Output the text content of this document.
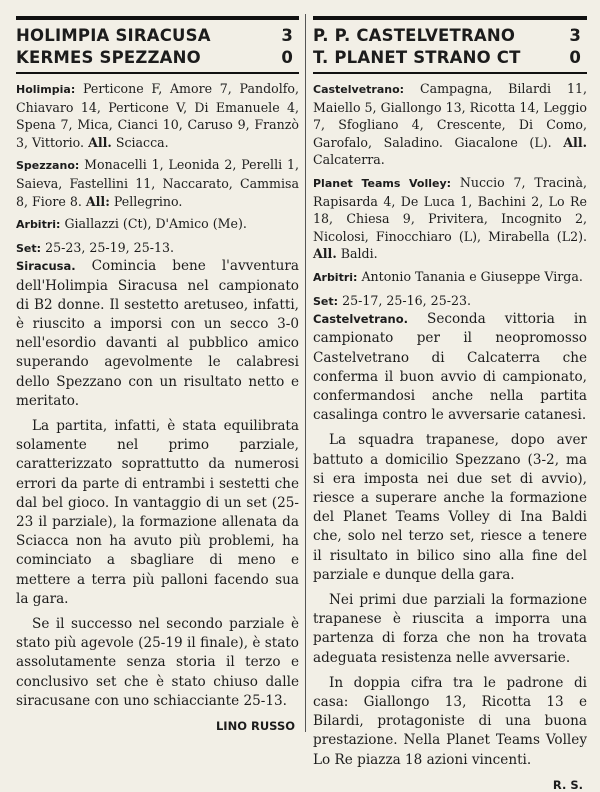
HOLIMPIA SIRACUSA	3
KERMES SPEZZANO	0

Holimpia: Perticone F, Amore 7, Pandolfo, Chiavaro 14, Perticone V, Di Emanuele 4, Spena 7, Mica, Cianci 10, Caruso 9, Franzò 3, Vittorio. All. Sciacca.

Spezzano: Monacelli 1, Leonida 2, Perelli 1, Saieva, Fastellini 11, Naccarato, Cammisa 8, Fiore 8. All: Pellegrino.

Arbitri: Giallazzi (Ct), D'Amico (Me).

Set: 25-23, 25-19, 25-13.

Siracusa. Comincia bene l'avventura dell'Holimpia Siracusa nel campionato di B2 donne. Il sestetto aretuseo, infatti, è riuscito a imporsi con un secco 3-0 nell'esordio davanti al pubblico amico superando agevolmente le calabresi dello Spezzano con un risultato netto e meritato.

La partita, infatti, è stata equilibrata solamente nel primo parziale, caratterizzato soprattutto da numerosi errori da parte di entrambi i sestetti che dal bel gioco. In vantaggio di un set (25-23 il parziale), la formazione allenata da Sciacca non ha avuto più problemi, ha cominciato a sbagliare di meno e mettere a terra più palloni facendo sua la gara.

Se il successo nel secondo parziale è stato più agevole (25-19 il finale), è stato assolutamente senza storia il terzo e conclusivo set che è stato chiuso dalle siracusane con uno schiacciante 25-13.

LINO RUSSO
P. P. CASTELVETRANO	3
T. PLANET STRANO CT	0

Castelvetrano: Campagna, Bilardi 11, Maiello 5, Giallongo 13, Ricotta 14, Leggio 7, Sfogliano 4, Crescente, Di Como, Garofalo, Saladino. Giacalone (L). All. Calcaterra.

Planet Teams Volley: Nuccio 7, Tracinà, Rapisarda 4, De Luca 1, Bachini 2, Lo Re 18, Chiesa 9, Privitera, Incognito 2, Nicolosi, Finocchiaro (L), Mirabella (L2). All. Baldi.

Arbitri: Antonio Tanania e Giuseppe Virga.

Set: 25-17, 25-16, 25-23.

Castelvetrano. Seconda vittoria in campionato per il neopromosso Castelvetrano di Calcaterra che conferma il buon avvio di campionato, confermandosi anche nella partita casalinga contro le avversarie catanesi.

La squadra trapanese, dopo aver battuto a domicilio Spezzano (3-2, ma si era imposta nei due set di avvio), riesce a superare anche la formazione del Planet Teams Volley di Ina Baldi che, solo nel terzo set, riesce a tenere il risultato in bilico sino alla fine del parziale e dunque della gara.

Nei primi due parziali la formazione trapanese è riuscita a imporra una partenza di forza che non ha trovata adeguata resistenza nelle avversarie.

In doppia cifra tra le padrone di casa: Giallongo 13, Ricotta 13 e Bilardi, protagoniste di una buona prestazione. Nella Planet Teams Volley Lo Re piazza 18 azioni vincenti.

R. S.
